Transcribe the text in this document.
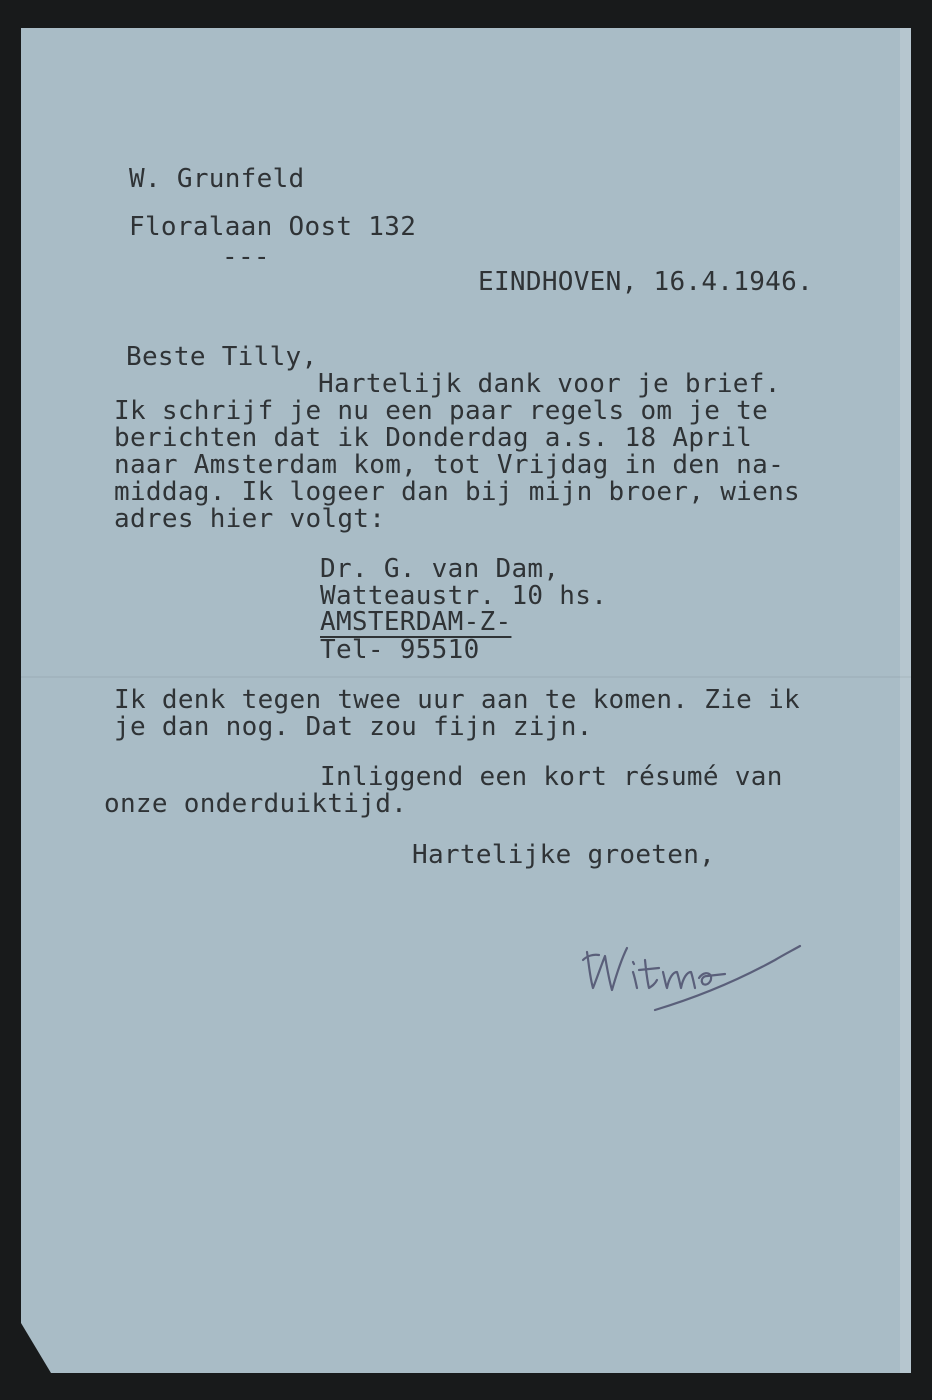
W. Grunfeld

Floralaan Oost 132

---

EINDHOVEN, 16.4.1946.

Beste Tilly,

Hartelijk dank voor je brief.

Ik schrijf je nu een paar regels om je te

berichten dat ik Donderdag a.s. 18 April

naar Amsterdam kom, tot Vrijdag in den na-

middag. Ik logeer dan bij mijn broer, wiens

adres hier volgt:

Dr. G. van Dam,

Watteaustr. 10 hs.

AMSTERDAM-Z-

Tel- 95510

Ik denk tegen twee uur aan te komen. Zie ik

je dan nog. Dat zou fijn zijn.

Inliggend een kort résumé van

onze onderduiktijd.

Hartelijke groeten,
